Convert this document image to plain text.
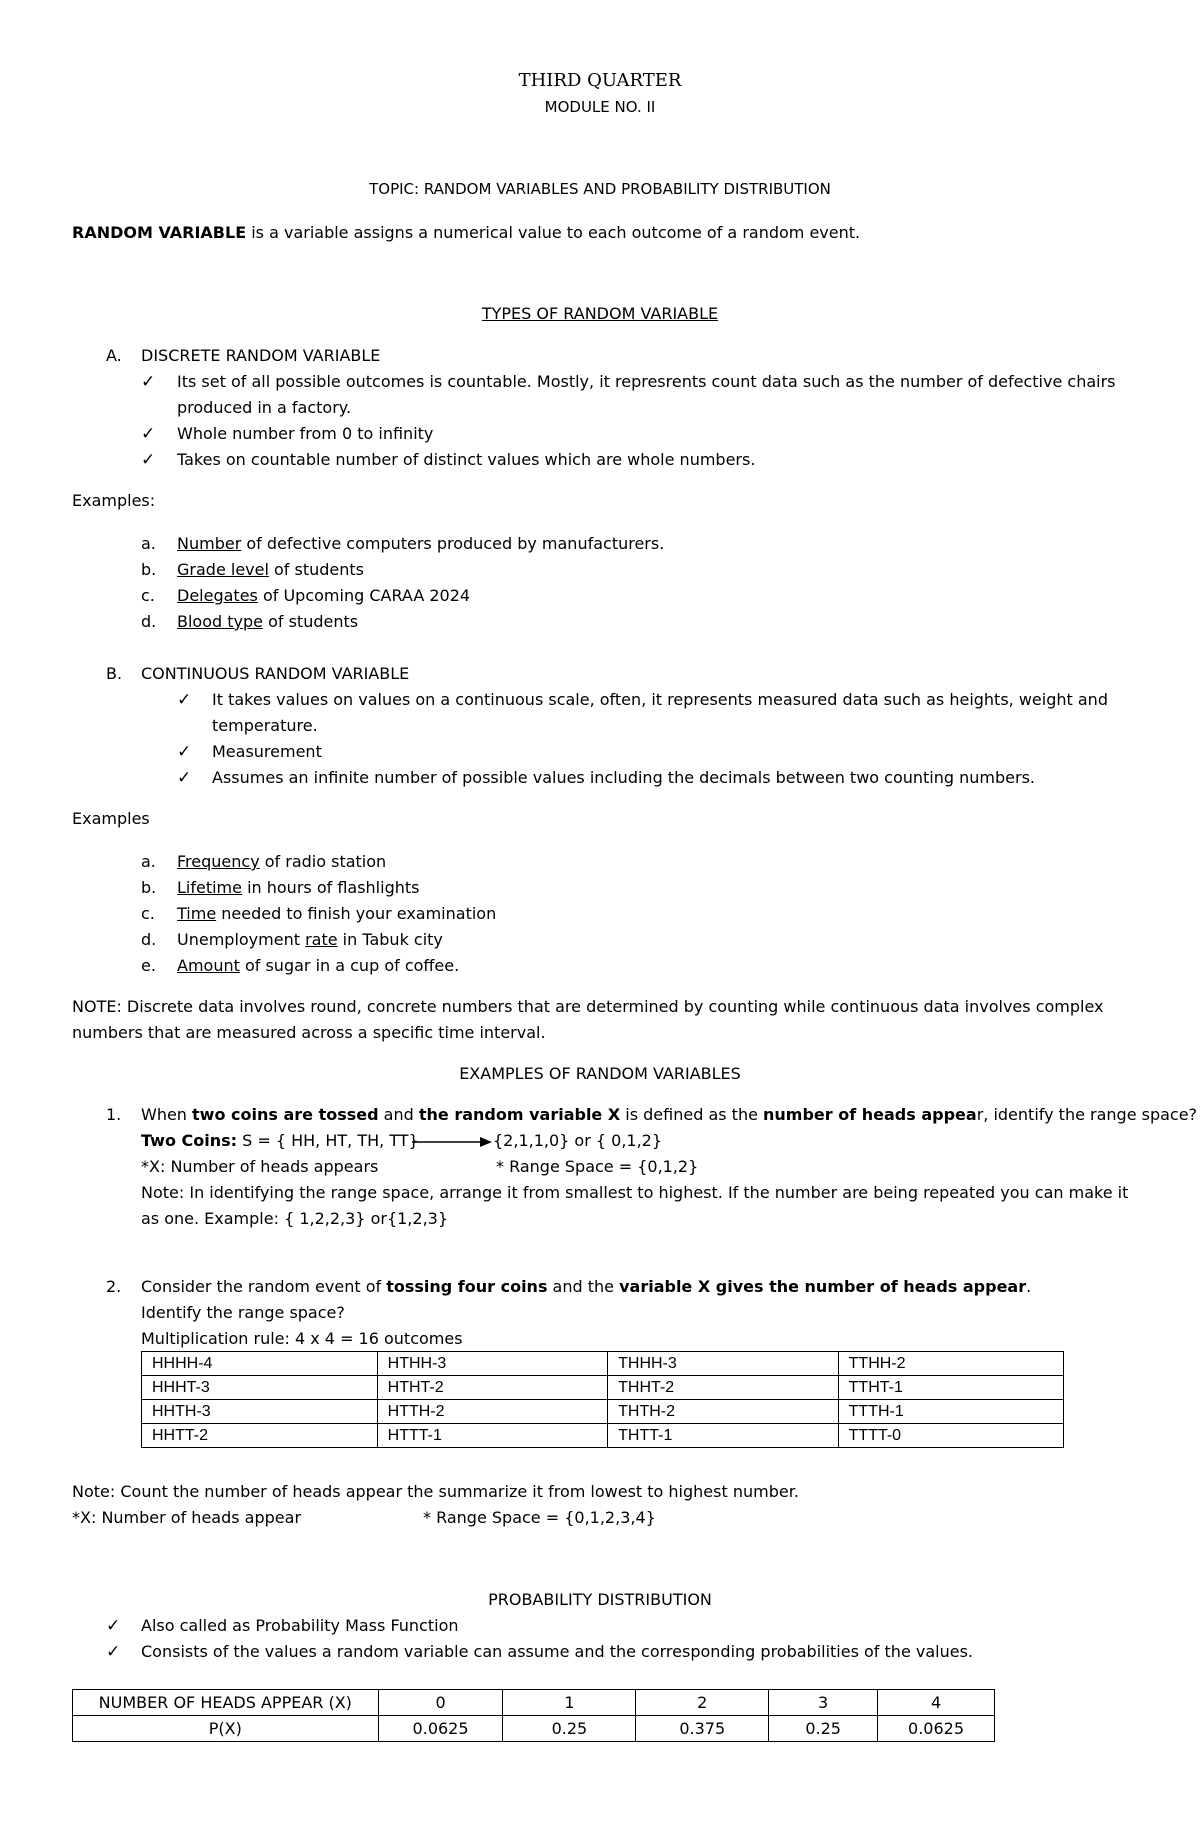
THIRD QUARTER
MODULE NO. II
TOPIC: RANDOM VARIABLES AND PROBABILITY DISTRIBUTION
RANDOM VARIABLE is a variable assigns a numerical value to each outcome of a random event.
TYPES OF RANDOM VARIABLE
A. DISCRETE RANDOM VARIABLE
✓ Its set of all possible outcomes is countable. Mostly, it represrents count data such as the number of defective chairs
produced in a factory.
✓ Whole number from 0 to infinity
✓ Takes on countable number of distinct values which are whole numbers.
Examples:
a. Number of defective computers produced by manufacturers.
b. Grade level of students
c. Delegates of Upcoming CARAA 2024
d. Blood type of students
B. CONTINUOUS RANDOM VARIABLE
✓ It takes values on values on a continuous scale, often, it represents measured data such as heights, weight and
temperature.
✓ Measurement
✓ Assumes an infinite number of possible values including the decimals between two counting numbers.
Examples
a. Frequency of radio station
b. Lifetime in hours of flashlights
c. Time needed to finish your examination
d. Unemployment rate in Tabuk city
e. Amount of sugar in a cup of coffee.
NOTE: Discrete data involves round, concrete numbers that are determined by counting while continuous data involves complex
numbers that are measured across a specific time interval.
EXAMPLES OF RANDOM VARIABLES
1. When two coins are tossed and the random variable X is defined as the number of heads appear, identify the range space?
Two Coins: S = { HH, HT, TH, TT}	{2,1,1,0} or { 0,1,2}
*X: Number of heads appears	* Range Space = {0,1,2}
Note: In identifying the range space, arrange it from smallest to highest. If the number are being repeated you can make it
as one. Example: { 1,2,2,3} or{1,2,3}
2. Consider the random event of tossing four coins and the variable X gives the number of heads appear.
Identify the range space?
Multiplication rule: 4 x 4 = 16 outcomes
HHHH-4	HTHH-3	THHH-3	TTHH-2
HHHT-3	HTHT-2	THHT-2	TTHT-1
HHTH-3	HTTH-2	THTH-2	TTTH-1
HHTT-2	HTTT-1	THTT-1	TTTT-0
Note: Count the number of heads appear the summarize it from lowest to highest number.
*X: Number of heads appear	* Range Space = {0,1,2,3,4}
PROBABILITY DISTRIBUTION
✓ Also called as Probability Mass Function
✓ Consists of the values a random variable can assume and the corresponding probabilities of the values.
NUMBER OF HEADS APPEAR (X)	0	1	2	3	4
P(X)	0.0625	0.25	0.375	0.25	0.0625
